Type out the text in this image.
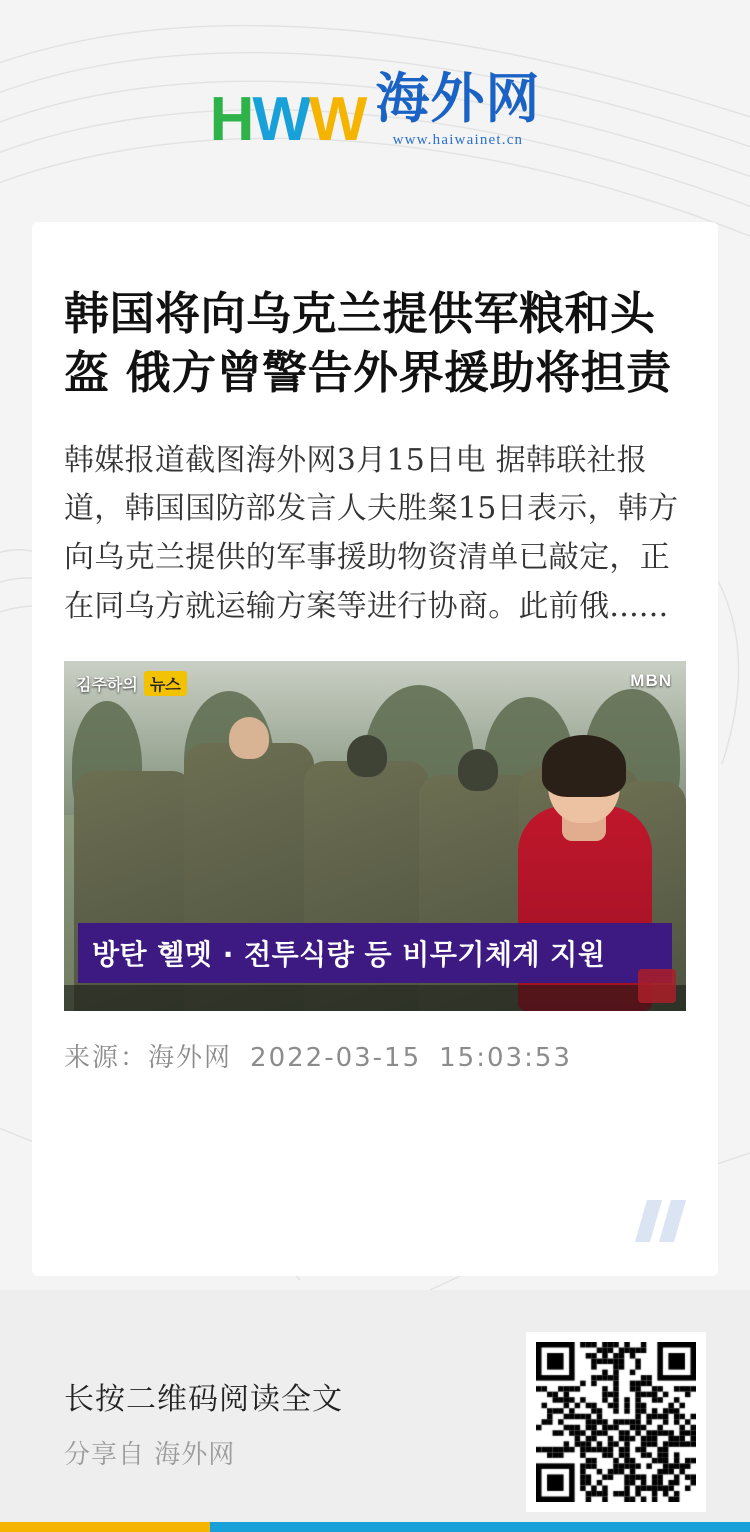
H W W 海外网
www.haiwainet.cn
韩国将向乌克兰提供军粮和头盔 俄方曾警告外界援助将担责

韩媒报道截图海外网3月15日电 据韩联社报道，韩国国防部发言人夫胜粲15日表示，韩方向乌克兰提供的军事援助物资清单已敲定，正在同乌方就运输方案等进行协商。此前俄......

김주하의 뉴스	MBN
방탄 헬멧 · 전투식량 등 비무기체계 지원
来源：海外网 2022-03-15 15:03:53
长按二维码阅读全文
分享自 海外网
